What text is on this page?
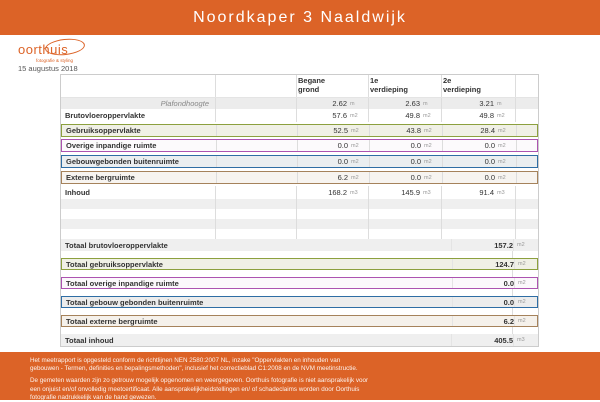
Noordkaper 3 Naaldwijk
oorthuis

fotografie & styling

15 augustus 2018
Begane grond
1e verdieping
2e verdieping
Plafondhoogte	2.62 m	2.63 m	3.21 m
Brutovloeroppervlakte	57.6 m2	49.8 m2	49.8 m2
Gebruiksoppervlakte	52.5 m2	43.8 m2	28.4 m2
Overige inpandige ruimte	0.0 m2	0.0 m2	0.0 m2
Gebouwgebonden buitenruimte	0.0 m2	0.0 m2	0.0 m2
Externe bergruimte	6.2 m2	0.0 m2	0.0 m2
Inhoud	168.2 m3	145.9 m3	91.4 m3
Totaal brutovloeroppervlakte	157.2 m2
Totaal gebruiksoppervlakte	124.7 m2
Totaal overige inpandige ruimte	0.0 m2
Totaal gebouw gebonden buitenruimte	0.0 m2
Totaal externe bergruimte	6.2 m2
Totaal inhoud	405.5 m3

Het meetrapport is opgesteld conform de richtlijnen NEN 2580:2007 NL, inzake "Oppervlakten en inhouden van gebouwen - Termen, definities en bepalingsmethoden", inclusief het correctieblad C1:2008 en de NVM meetinstructie.

De gemeten waarden zijn zo getrouw mogelijk opgenomen en weergegeven. Oorthuis fotografie is niet aansprakelijk voor een onjuist en/of onvolledig meetcertificaat. Alle aansprakelijkheidstellingen en/ of schadeclaims worden door Oorthuis fotografie nadrukkelijk van de hand gewezen.
